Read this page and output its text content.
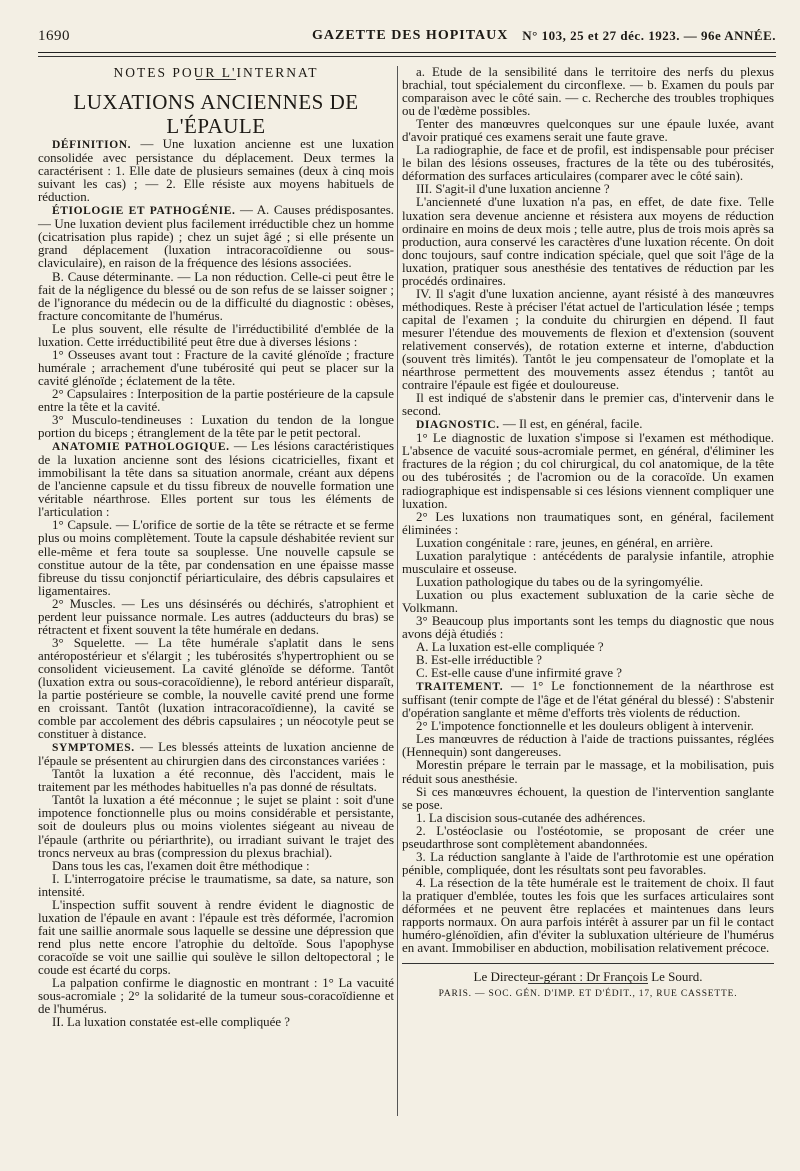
1690	GAZETTE DES HOPITAUX N° 103, 25 et 27 déc. 1923. — 96e ANNÉE.

NOTES POUR L'INTERNAT

LUXATIONS ANCIENNES DE L'ÉPAULE

DÉFINITION. — Une luxation ancienne est une luxation consolidée avec persistance du déplacement. Deux termes la caractérisent : 1. Elle date de plusieurs semaines (deux à cinq mois suivant les cas) ; — 2. Elle résiste aux moyens habituels de réduction.

ÉTIOLOGIE ET PATHOGÉNIE. — A. Causes prédisposantes. — Une luxation devient plus facilement irréductible chez un homme (cicatrisation plus rapide) ; chez un sujet âgé ; si elle présente un grand déplacement (luxation intracoracoïdienne ou sous-claviculaire), en raison de la fréquence des lésions associées.

B. Cause déterminante. — La non réduction. Celle-ci peut être le fait de la négligence du blessé ou de son refus de se laisser soigner ; de l'ignorance du médecin ou de la difficulté du diagnostic : obèses, fracture concomitante de l'humérus.

Le plus souvent, elle résulte de l'irréductibilité d'emblée de la luxation. Cette irréductibilité peut être due à diverses lésions :

1° Osseuses avant tout : Fracture de la cavité glénoïde ; fracture humérale ; arrachement d'une tubérosité qui peut se placer sur la cavité glénoïde ; éclatement de la tête.

2° Capsulaires : Interposition de la partie postérieure de la capsule entre la tête et la cavité.

3° Musculo-tendineuses : Luxation du tendon de la longue portion du biceps ; étranglement de la tête par le petit pectoral.

ANATOMIE PATHOLOGIQUE. — Les lésions caractéristiques de la luxation ancienne sont des lésions cicatricielles, fixant et immobilisant la tête dans sa situation anormale, créant aux dépens de l'ancienne capsule et du tissu fibreux de nouvelle formation une véritable néarthrose. Elles portent sur tous les éléments de l'articulation :

1° Capsule. — L'orifice de sortie de la tête se rétracte et se ferme plus ou moins complètement. Toute la capsule déshabitée revient sur elle-même et fera toute sa souplesse. Une nouvelle capsule se constitue autour de la tête, par condensation en une épaisse masse fibreuse du tissu conjonctif périarticulaire, des débris capsulaires et ligamentaires.

2° Muscles. — Les uns désinsérés ou déchirés, s'atrophient et perdent leur puissance normale. Les autres (adducteurs du bras) se rétractent et fixent souvent la tête humérale en dedans.

3° Squelette. — La tête humérale s'aplatit dans le sens antéropostérieur et s'élargit ; les tubérosités s'hypertrophient ou se consolident vicieusement. La cavité glénoïde se déforme. Tantôt (luxation extra ou sous-coracoïdienne), le rebord antérieur disparaît, la partie postérieure se comble, la nouvelle cavité prend une forme en croissant. Tantôt (luxation intracoracoïdienne), la cavité se comble par accolement des débris capsulaires ; un néocotyle peut se constituer à distance.

SYMPTOMES. — Les blessés atteints de luxation ancienne de l'épaule se présentent au chirurgien dans des circonstances variées :

Tantôt la luxation a été reconnue, dès l'accident, mais le traitement par les méthodes habituelles n'a pas donné de résultats.

Tantôt la luxation a été méconnue ; le sujet se plaint : soit d'une impotence fonctionnelle plus ou moins considérable et persistante, soit de douleurs plus ou moins violentes siégeant au niveau de l'épaule (arthrite ou périarthrite), ou irradiant suivant le trajet des troncs nerveux au bras (compression du plexus brachial).

Dans tous les cas, l'examen doit être méthodique :

I. L'interrogatoire précise le traumatisme, sa date, sa nature, son intensité.

L'inspection suffit souvent à rendre évident le diagnostic de luxation de l'épaule en avant : l'épaule est très déformée, l'acromion fait une saillie anormale sous laquelle se dessine une dépression que rend plus nette encore l'atrophie du deltoïde. Sous l'apophyse coracoïde se voit une saillie qui soulève le sillon deltopectoral ; le coude est écarté du corps.

La palpation confirme le diagnostic en montrant : 1° La vacuité sous-acromiale ; 2° la solidarité de la tumeur sous-coracoïdienne et de l'humérus.

II. La luxation constatée est-elle compliquée ?

a. Etude de la sensibilité dans le territoire des nerfs du plexus brachial, tout spécialement du circonflexe. — b. Examen du pouls par comparaison avec le côté sain. — c. Recherche des troubles trophiques ou de l'œdème possibles.

Tenter des manœuvres quelconques sur une épaule luxée, avant d'avoir pratiqué ces examens serait une faute grave.

La radiographie, de face et de profil, est indispensable pour préciser le bilan des lésions osseuses, fractures de la tête ou des tubérosités, déformation des surfaces articulaires (comparer avec le côté sain).

III. S'agit-il d'une luxation ancienne ?

L'ancienneté d'une luxation n'a pas, en effet, de date fixe. Telle luxation sera devenue ancienne et résistera aux moyens de réduction ordinaire en moins de deux mois ; telle autre, plus de trois mois après sa production, aura conservé les caractères d'une luxation récente. On doit donc toujours, sauf contre indication spéciale, quel que soit l'âge de la luxation, pratiquer sous anesthésie des tentatives de réduction par les procédés ordinaires.

IV. Il s'agit d'une luxation ancienne, ayant résisté à des manœuvres méthodiques. Reste à préciser l'état actuel de l'articulation lésée ; temps capital de l'examen ; la conduite du chirurgien en dépend. Il faut mesurer l'étendue des mouvements de flexion et d'extension (souvent relativement conservés), de rotation externe et interne, d'abduction (souvent très limités). Tantôt le jeu compensateur de l'omoplate et la néarthrose permettent des mouvements assez étendus ; tantôt au contraire l'épaule est figée et douloureuse.

Il est indiqué de s'abstenir dans le premier cas, d'intervenir dans le second.

DIAGNOSTIC. — Il est, en général, facile.

1° Le diagnostic de luxation s'impose si l'examen est méthodique. L'absence de vacuité sous-acromiale permet, en général, d'éliminer les fractures de la région ; du col chirurgical, du col anatomique, de la tête ou des tubérosités ; de l'acromion ou de la coracoïde. Un examen radiographique est indispensable si ces lésions viennent compliquer une luxation.

2° Les luxations non traumatiques sont, en général, facilement éliminées :

Luxation congénitale : rare, jeunes, en général, en arrière.

Luxation paralytique : antécédents de paralysie infantile, atrophie musculaire et osseuse.

Luxation pathologique du tabes ou de la syringomyélie.

Luxation ou plus exactement subluxation de la carie sèche de Volkmann.

3° Beaucoup plus importants sont les temps du diagnostic que nous avons déjà étudiés :

A. La luxation est-elle compliquée ?

B. Est-elle irréductible ?

C. Est-elle cause d'une infirmité grave ?

TRAITEMENT. — 1° Le fonctionnement de la néarthrose est suffisant (tenir compte de l'âge et de l'état général du blessé) : S'abstenir d'opération sanglante et même d'efforts très violents de réduction.

2° L'impotence fonctionnelle et les douleurs obligent à intervenir.

Les manœuvres de réduction à l'aide de tractions puissantes, réglées (Hennequin) sont dangereuses.

Morestin prépare le terrain par le massage, et la mobilisation, puis réduit sous anesthésie.

Si ces manœuvres échouent, la question de l'intervention sanglante se pose.

1. La discision sous-cutanée des adhérences.

2. L'ostéoclasie ou l'ostéotomie, se proposant de créer une pseudarthrose sont complètement abandonnées.

3. La réduction sanglante à l'aide de l'arthrotomie est une opération pénible, compliquée, dont les résultats sont peu favorables.

4. La résection de la tête humérale est le traitement de choix. Il faut la pratiquer d'emblée, toutes les fois que les surfaces articulaires sont déformées et ne peuvent être replacées et maintenues dans leurs rapports normaux. On aura parfois intérêt à assurer par un fil le contact huméro-glénoïdien, afin d'éviter la subluxation ultérieure de l'humérus en avant. Immobiliser en abduction, mobilisation relativement précoce.

Le Directeur-gérant : Dr François Le Sourd.

PARIS. — SOC. GÉN. D'IMP. ET D'ÉDIT., 17, RUE CASSETTE.
